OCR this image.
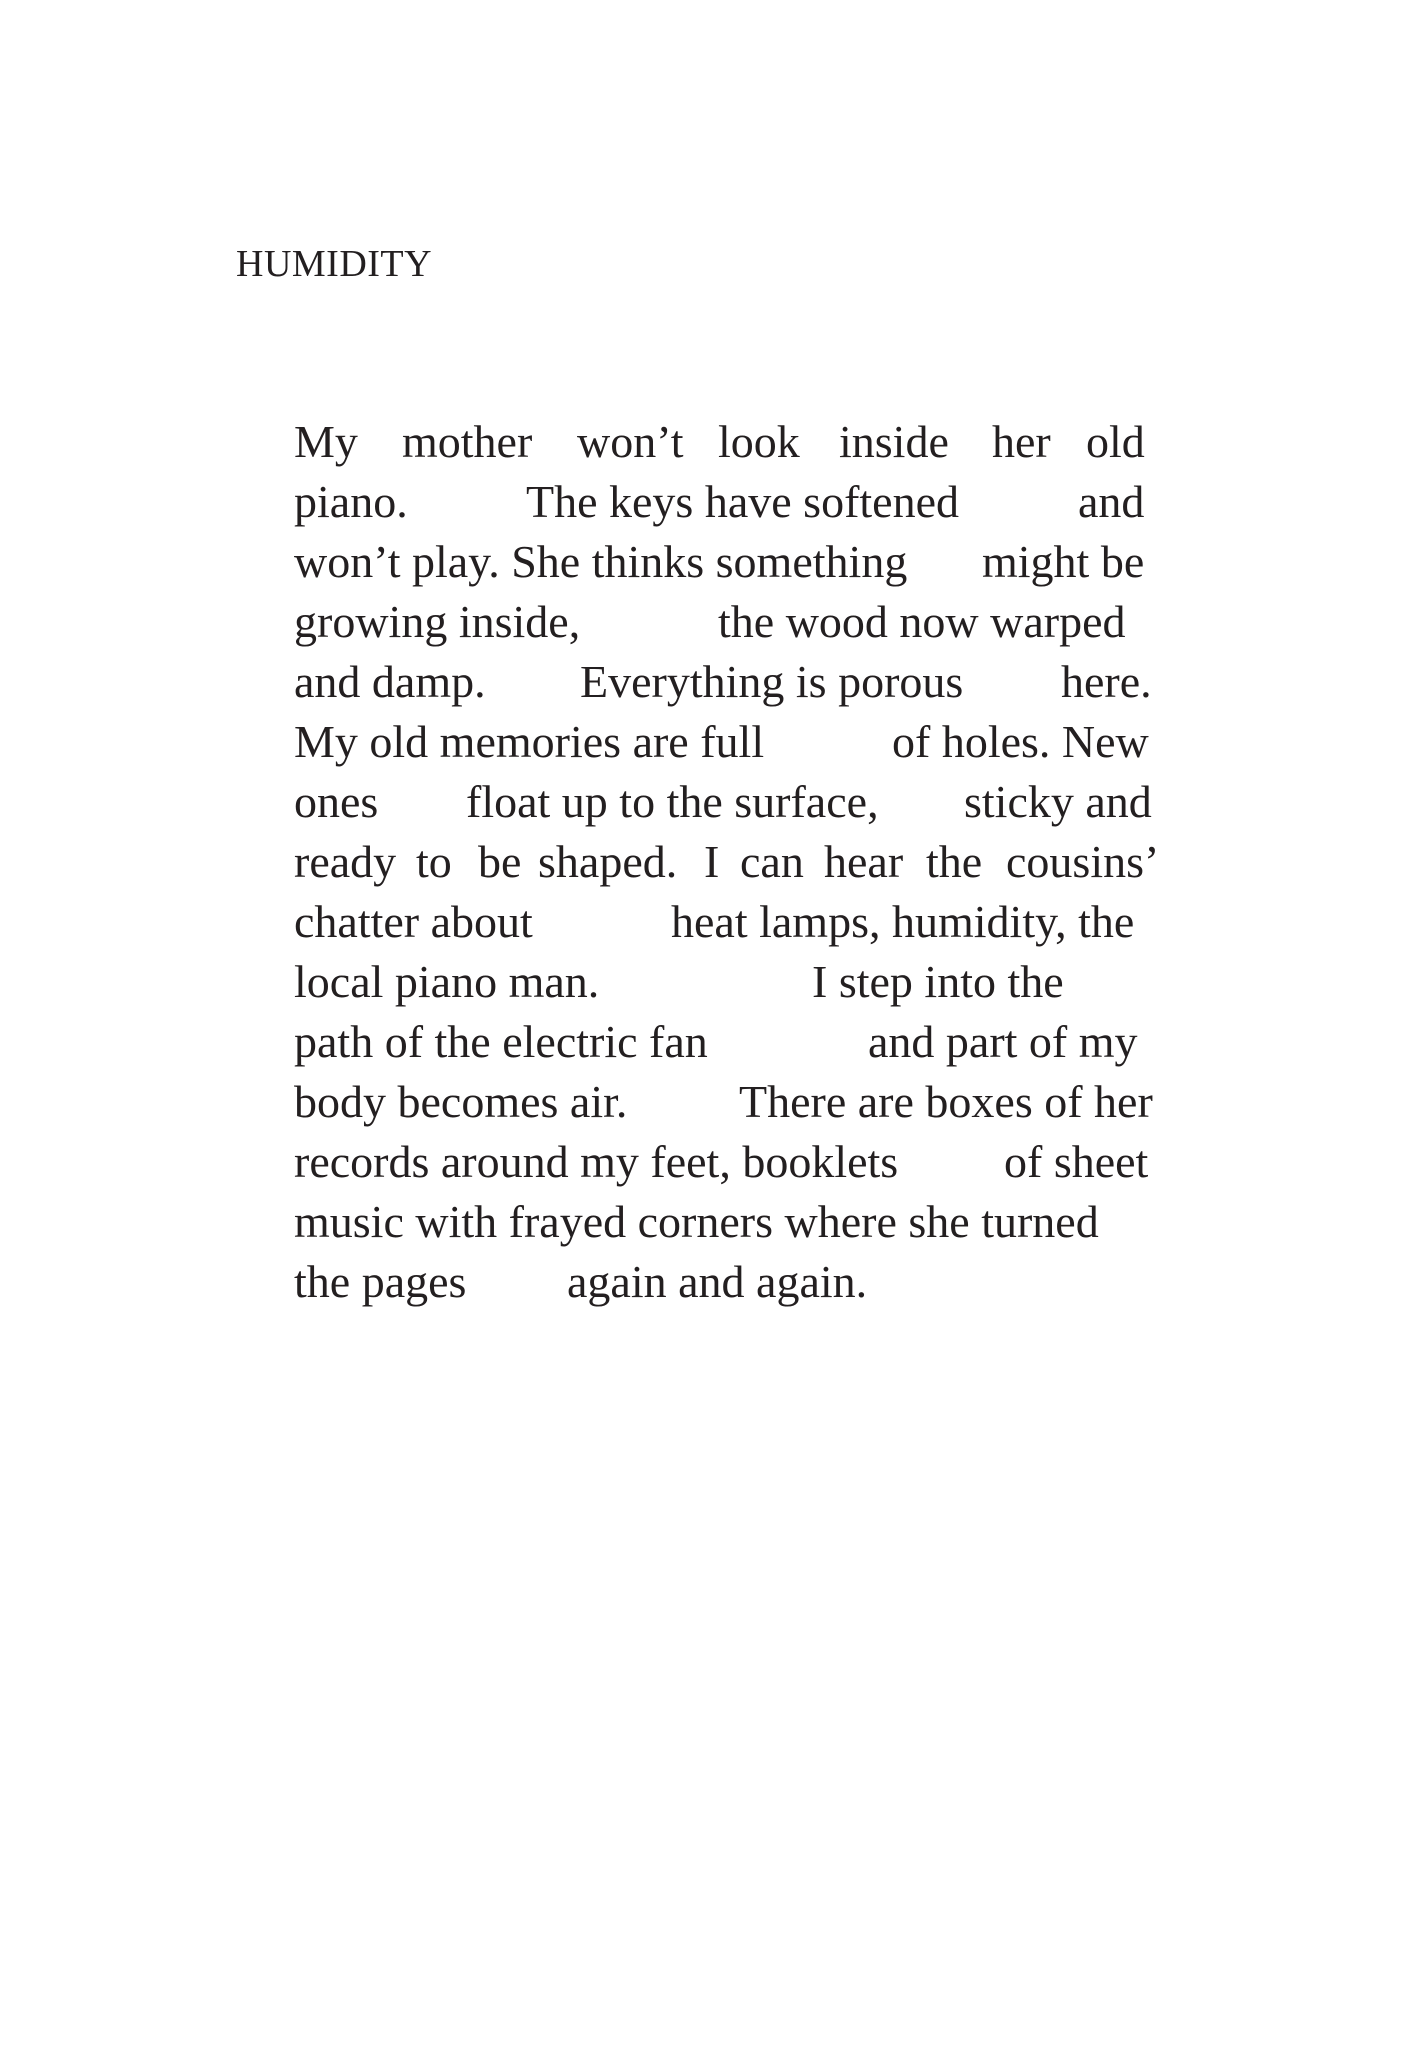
HUMIDITY
My mother won’t look inside her old
piano.	The keys have softened	and
won’t play. She thinks something might be
growing inside,	the wood now warped
and damp. Everything is porous here.
My old memories are full	of holes. New
ones float up to the surface, sticky and
ready to be shaped. I can hear the cousins’
chatter about	heat lamps, humidity, the
local piano man.	I step into the
path of the electric fan	and part of my
body becomes air. There are boxes of her
records around my feet, booklets of sheet
music with frayed corners where she turned
the pages again and again.
